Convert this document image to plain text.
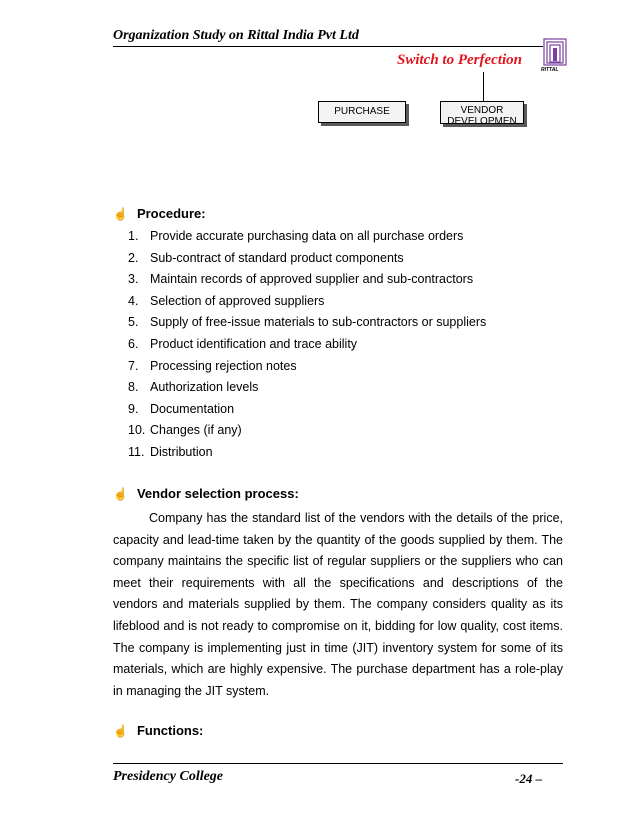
Organization Study on Rittal India Pvt Ltd
Switch to Perfection
RITTAL
PURCHASE	VENDOR DEVELOPMEN
☝ Procedure:
1. Provide accurate purchasing data on all purchase orders
2. Sub-contract of standard product components
3. Maintain records of approved supplier and sub-contractors
4. Selection of approved suppliers
5. Supply of free-issue materials to sub-contractors or suppliers
6. Product identification and trace ability
7. Processing rejection notes
8. Authorization levels
9. Documentation
10. Changes (if any)
11. Distribution
☝ Vendor selection process:
Company has the standard list of the vendors with the details of the price, capacity and lead-time taken by the quantity of the goods supplied by them. The company maintains the specific list of regular suppliers or the suppliers who can meet their requirements with all the specifications and descriptions of the vendors and materials supplied by them. The company considers quality as its lifeblood and is not ready to compromise on it, bidding for low quality, cost items. The company is implementing just in time (JIT) inventory system for some of its materials, which are highly expensive. The purchase department has a role-play in managing the JIT system.
☝ Functions:
Presidency College	-24 –
